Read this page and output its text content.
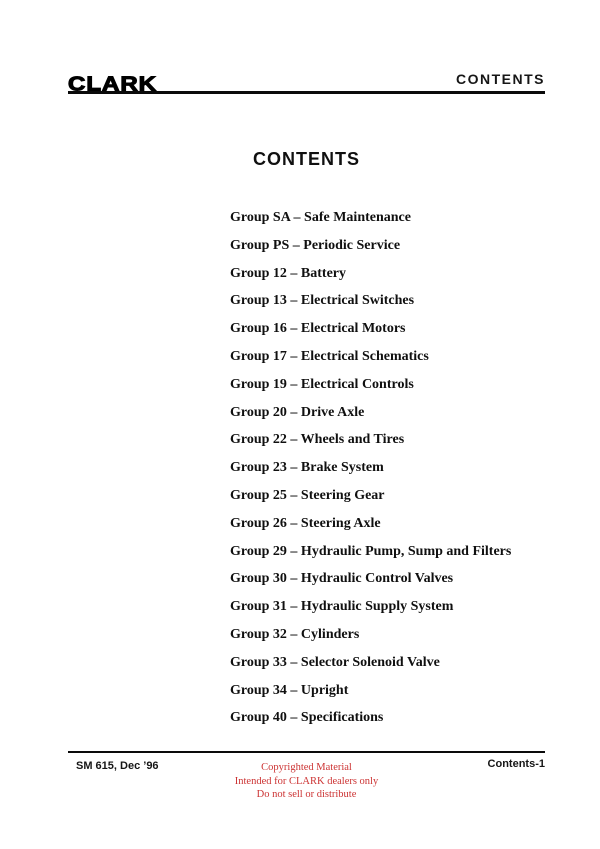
CLARK	CONTENTS
CONTENTS
Group SA – Safe Maintenance
Group PS – Periodic Service
Group 12 – Battery
Group 13 – Electrical Switches
Group 16 – Electrical Motors
Group 17 – Electrical Schematics
Group 19 – Electrical Controls
Group 20 – Drive Axle
Group 22 – Wheels and Tires
Group 23 – Brake System
Group 25 – Steering Gear
Group 26 – Steering Axle
Group 29 – Hydraulic Pump, Sump and Filters
Group 30 – Hydraulic Control Valves
Group 31 – Hydraulic Supply System
Group 32 – Cylinders
Group 33 – Selector Solenoid Valve
Group 34 – Upright
Group 40 – Specifications
SM 615, Dec ’96	Copyrighted Material
Intended for CLARK dealers only
Do not sell or distribute
Contents-1
